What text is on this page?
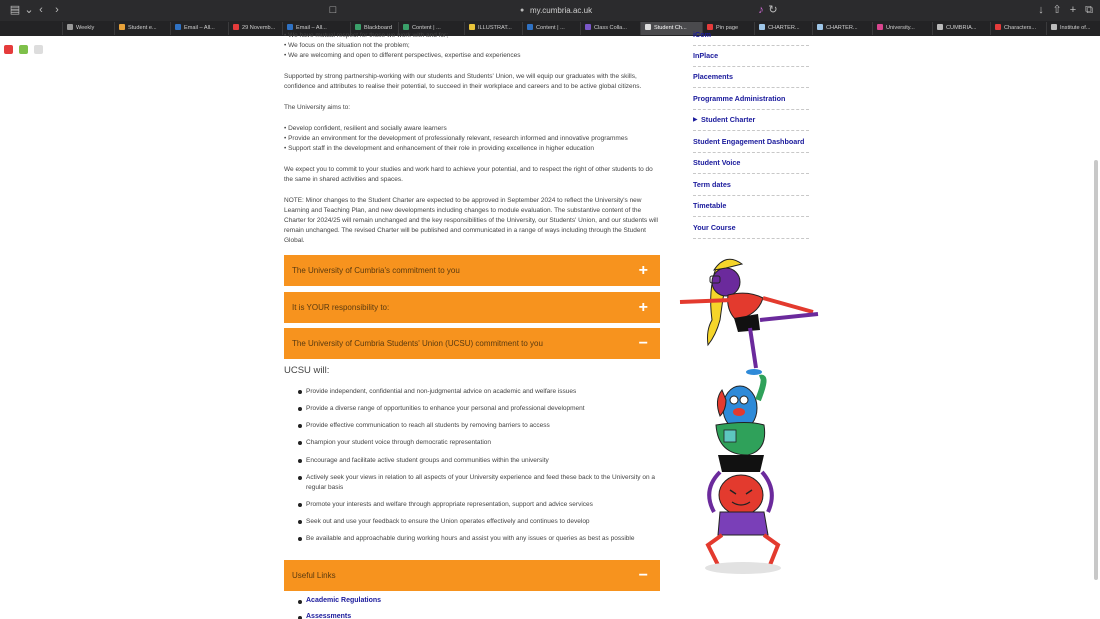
▤ ⌄ ‹	›	□	● my.cumbria.ac.uk	♪ ↻	↓ ⇧ + ⧉
Weekly	Student e...	Email – All...	29 Novemb...	Email – All...	Blackboard	Content | ...	ILLUSTRAT...	Content | ...	Class Colla...	Student Ch...	Pin page	CHARTER...	CHARTER...	University...	CUMBRIA...	Characters...	Institute of...
• We have mutual respect for those we work with and for;
• We focus on the situation not the problem;
• We are welcoming and open to different perspectives, expertise and experiences
Supported by strong partnership-working with our students and Students' Union, we will equip our graduates with the skills, confidence and attributes to realise their potential, to succeed in their workplace and careers and to be active global citizens.
The University aims to:
• Develop confident, resilient and socially aware learners
• Provide an environment for the development of professionally relevant, research informed and innovative programmes
• Support staff in the development and enhancement of their role in providing excellence in higher education
We expect you to commit to your studies and work hard to achieve your potential, and to respect the right of other students to do the same in shared activities and spaces.
NOTE: Minor changes to the Student Charter are expected to be approved in September 2024 to reflect the University's new Learning and Teaching Plan, and new developments including changes to module evaluation. The substantive content of the Charter for 2024/25 will remain unchanged and the key responsibilities of the University, our Students' Union, and our students will remain unchanged. The revised Charter will be published and communicated in a range of ways including through the Student Global.
The University of Cumbria's commitment to you	+
It is YOUR responsibility to:	+
The University of Cumbria Students' Union (UCSU) commitment to you	−
UCSU will:
Provide independent, confidential and non-judgmental advice on academic and welfare issues
Provide a diverse range of opportunities to enhance your personal and professional development
Provide effective communication to reach all students by removing barriers to access
Champion your student voice through democratic representation
Encourage and facilitate active student groups and communities within the university
Actively seek your views in relation to all aspects of your University experience and feed these back to the University on a regular basis
Promote your interests and welfare through appropriate representation, support and advice services
Seek out and use your feedback to ensure the Union operates effectively and continues to develop
Be available and approachable during working hours and assist you with any issues or queries as best as possible
Useful Links	−
Academic Regulations
Assessments
iCom
InPlace
Placements
Programme Administration
▶ Student Charter
Student Engagement Dashboard
Student Voice
Term dates
Timetable
Your Course
